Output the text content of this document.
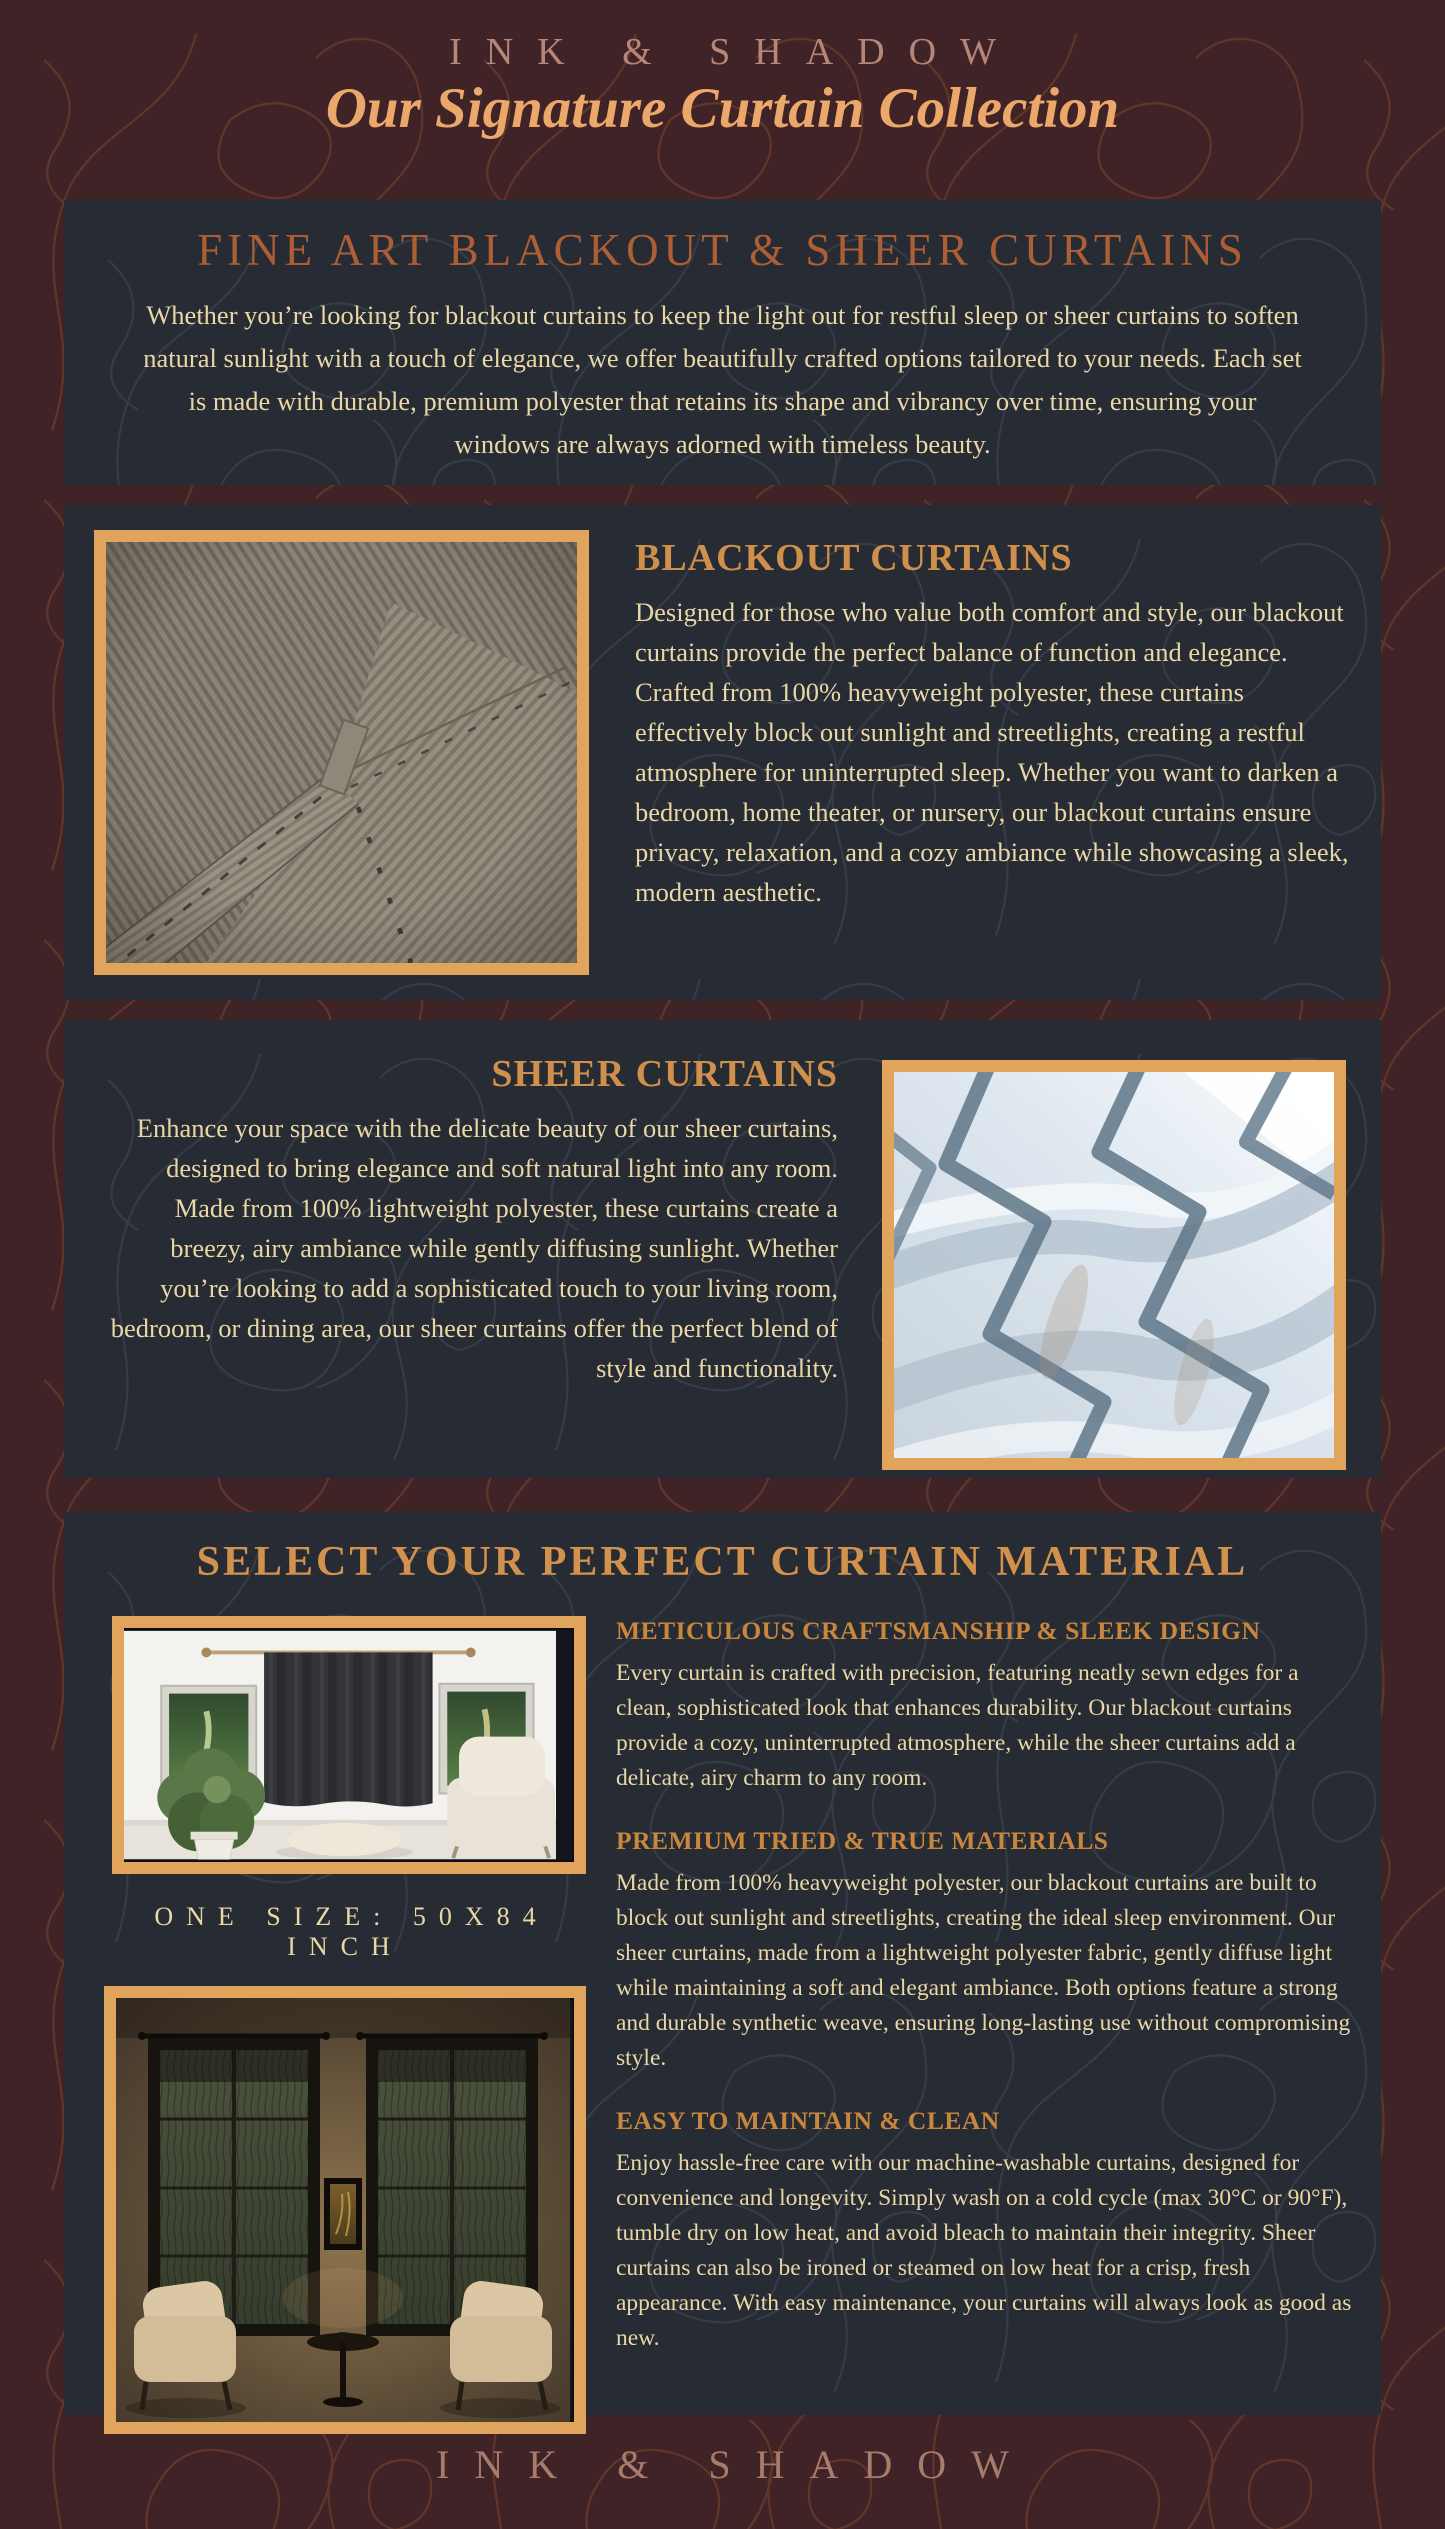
INK & SHADOW
Our Signature Curtain Collection
FINE ART BLACKOUT & SHEER CURTAINS

Whether you’re looking for blackout curtains to keep the light out for restful sleep or sheer curtains to soften natural sunlight with a touch of elegance, we offer beautifully crafted options tailored to your needs. Each set is made with durable, premium polyester that retains its shape and vibrancy over time, ensuring your windows are always adorned with timeless beauty.

BLACKOUT CURTAINS

Designed for those who value both comfort and style, our blackout curtains provide the perfect balance of function and elegance. Crafted from 100% heavyweight polyester, these curtains effectively block out sunlight and streetlights, creating a restful atmosphere for uninterrupted sleep. Whether you want to darken a bedroom, home theater, or nursery, our blackout curtains ensure privacy, relaxation, and a cozy ambiance while showcasing a sleek, modern aesthetic.

SHEER CURTAINS

Enhance your space with the delicate beauty of our sheer curtains, designed to bring elegance and soft natural light into any room. Made from 100% lightweight polyester, these curtains create a breezy, airy ambiance while gently diffusing sunlight. Whether you’re looking to add a sophisticated touch to your living room, bedroom, or dining area, our sheer curtains offer the perfect blend of style and functionality.

SELECT YOUR PERFECT CURTAIN MATERIAL
ONE SIZE: 50X84 INCH
METICULOUS CRAFTSMANSHIP & SLEEK DESIGN

Every curtain is crafted with precision, featuring neatly sewn edges for a clean, sophisticated look that enhances durability. Our blackout curtains provide a cozy, uninterrupted atmosphere, while the sheer curtains add a delicate, airy charm to any room.

PREMIUM TRIED & TRUE MATERIALS

Made from 100% heavyweight polyester, our blackout curtains are built to block out sunlight and streetlights, creating the ideal sleep environment. Our sheer curtains, made from a lightweight polyester fabric, gently diffuse light while maintaining a soft and elegant ambiance. Both options feature a strong and durable synthetic weave, ensuring long-lasting use without compromising style.

EASY TO MAINTAIN & CLEAN

Enjoy hassle-free care with our machine-washable curtains, designed for convenience and longevity. Simply wash on a cold cycle (max 30°C or 90°F), tumble dry on low heat, and avoid bleach to maintain their integrity. Sheer curtains can also be ironed or steamed on low heat for a crisp, fresh appearance. With easy maintenance, your curtains will always look as good as new.

INK & SHADOW
